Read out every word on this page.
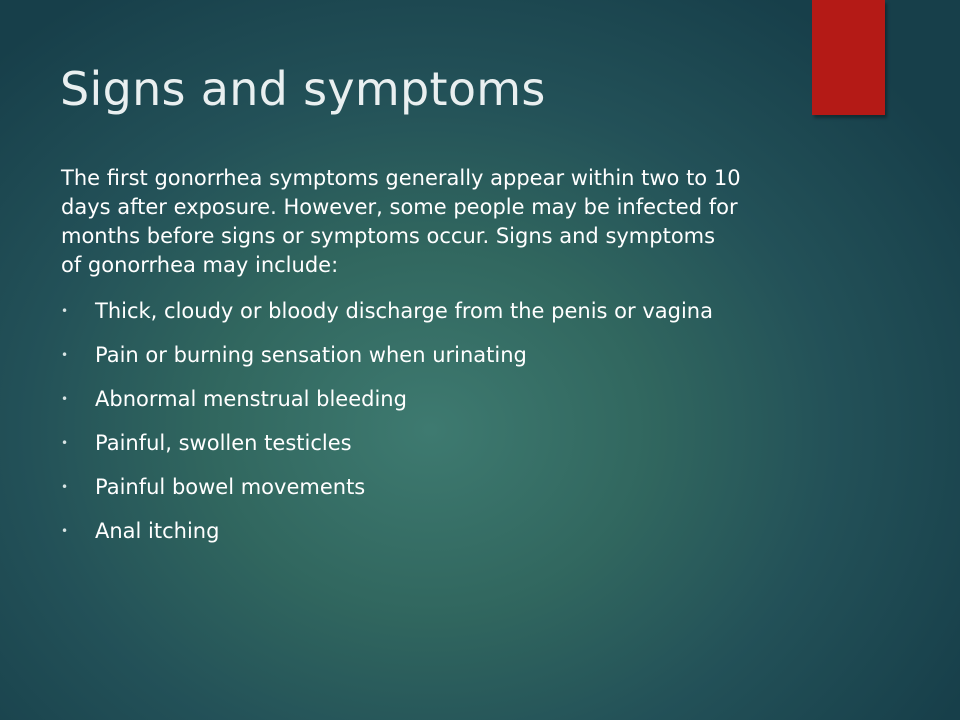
Signs and symptoms

The first gonorrhea symptoms generally appear within two to 10 days after exposure. However, some people may be infected for months before signs or symptoms occur. Signs and symptoms of gonorrhea may include:

• Thick, cloudy or bloody discharge from the penis or vagina
• Pain or burning sensation when urinating
• Abnormal menstrual bleeding
• Painful, swollen testicles
• Painful bowel movements
• Anal itching
